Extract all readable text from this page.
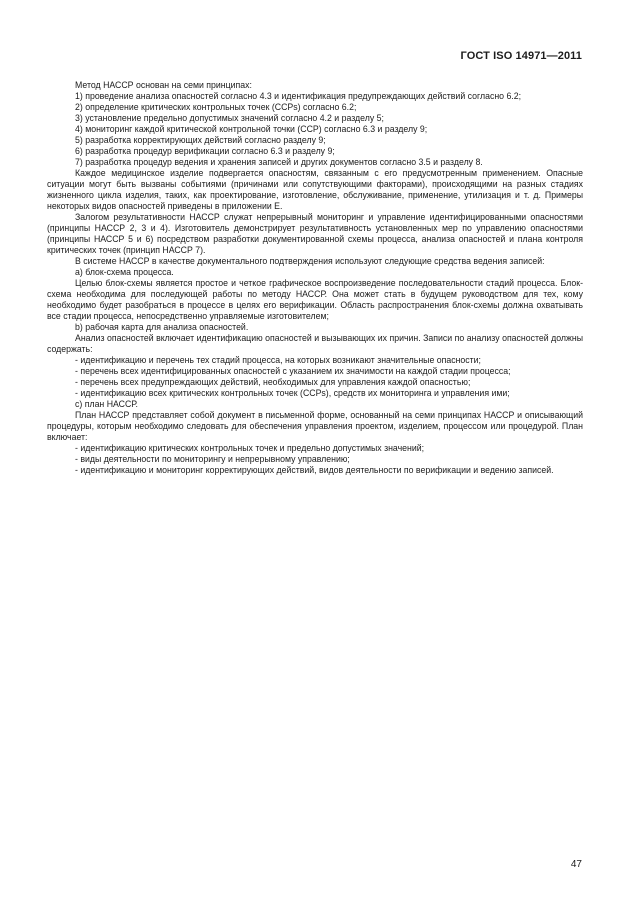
ГОСТ ISO 14971—2011

Метод НАССР основан на семи принципах:

1) проведение анализа опасностей согласно 4.3 и идентификация предупреждающих действий согласно 6.2;

2) определение критических контрольных точек (ССРs) согласно 6.2;

3) установление предельно допустимых значений согласно 4.2 и разделу 5;

4) мониторинг каждой критической контрольной точки (ССР) согласно 6.3 и разделу 9;

5) разработка корректирующих действий согласно разделу 9;

6) разработка процедур верификации согласно 6.3 и разделу 9;

7) разработка процедур ведения и хранения записей и других документов согласно 3.5 и разделу 8.

Каждое медицинское изделие подвергается опасностям, связанным с его предусмотренным применением. Опасные ситуации могут быть вызваны событиями (причинами или сопутствующими факторами), происходящими на разных стадиях жизненного цикла изделия, таких, как проектирование, изготовление, обслуживание, применение, утилизация и т. д. Примеры некоторых видов опасностей приведены в приложении Е.

Залогом результативности НАССР служат непрерывный мониторинг и управление идентифицированными опасностями (принципы НАССР 2, 3 и 4). Изготовитель демонстрирует результативность установленных мер по управлению опасностями (принципы НАССР 5 и 6) посредством разработки документированной схемы процесса, анализа опасностей и плана контроля критических точек (принцип НАССР 7).

В системе НАССР в качестве документального подтверждения используют следующие средства ведения записей:

a) блок-схема процесса.

Целью блок-схемы является простое и четкое графическое воспроизведение последовательности стадий процесса. Блок-схема необходима для последующей работы по методу НАССР. Она может стать в будущем руководством для тех, кому необходимо будет разобраться в процессе в целях его верификации. Область распространения блок-схемы должна охватывать все стадии процесса, непосредственно управляемые изготовителем;

b) рабочая карта для анализа опасностей.

Анализ опасностей включает идентификацию опасностей и вызывающих их причин. Записи по анализу опасностей должны содержать:

- идентификацию и перечень тех стадий процесса, на которых возникают значительные опасности;

- перечень всех идентифицированных опасностей с указанием их значимости на каждой стадии процесса;

- перечень всех предупреждающих действий, необходимых для управления каждой опасностью;

- идентификацию всех критических контрольных точек (ССРs), средств их мониторинга и управления ими;

c) план НАССР.

План НАССР представляет собой документ в письменной форме, основанный на семи принципах НАССР и описывающий процедуры, которым необходимо следовать для обеспечения управления проектом, изделием, процессом или процедурой. План включает:

- идентификацию критических контрольных точек и предельно допустимых значений;

- виды деятельности по мониторингу и непрерывному управлению;

- идентификацию и мониторинг корректирующих действий, видов деятельности по верификации и ведению записей.

47
